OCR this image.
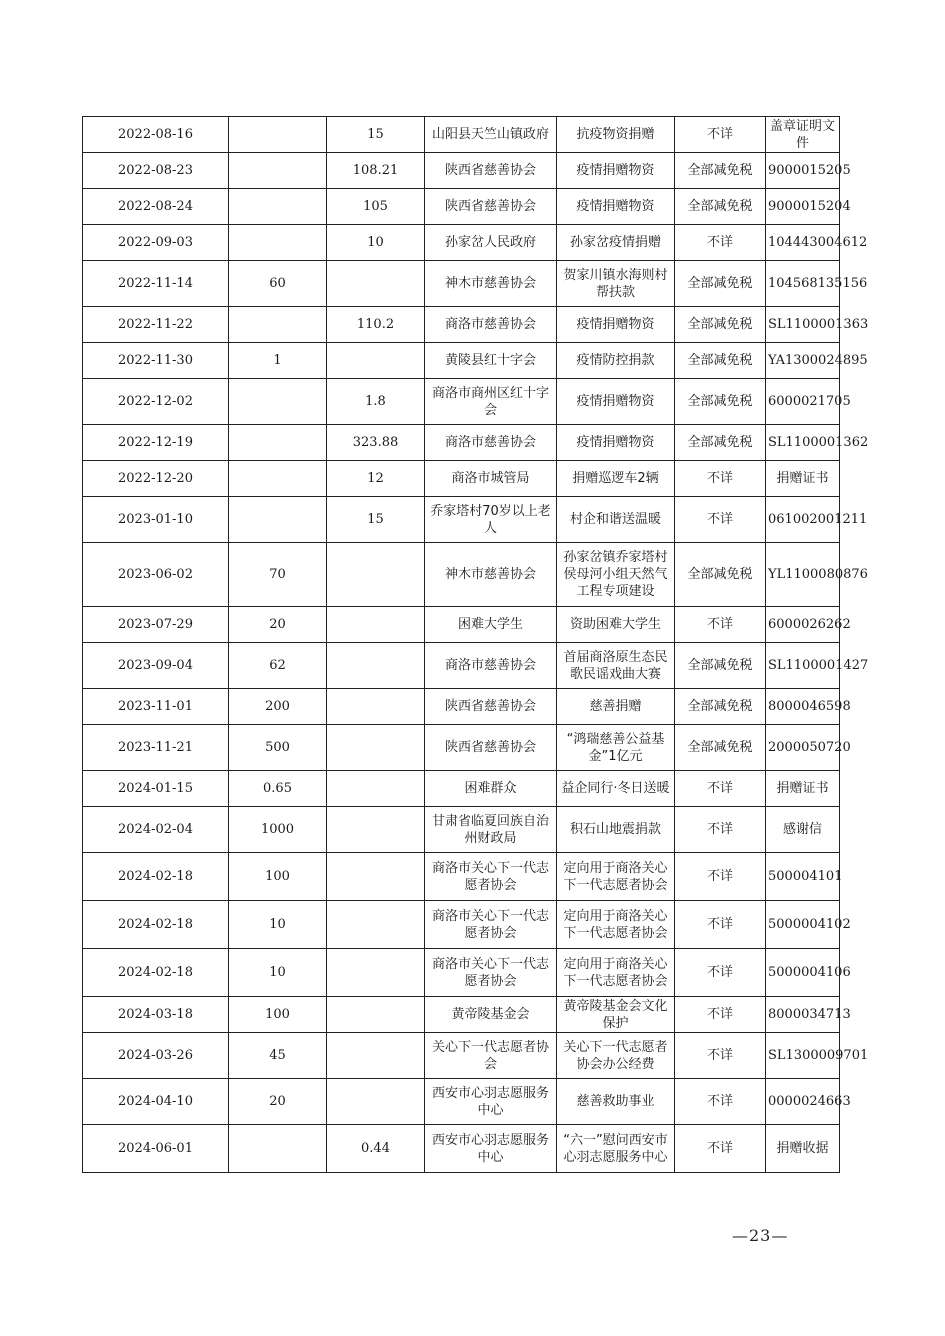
2022-08-16		15	山阳县天竺山镇政府	抗疫物资捐赠	不详	盖章证明文件
2022-08-23		108.21	陕西省慈善协会	疫情捐赠物资	全部减免税	9000015205
2022-08-24		105	陕西省慈善协会	疫情捐赠物资	全部减免税	9000015204
2022-09-03		10	孙家岔人民政府	孙家岔疫情捐赠	不详	104443004612
2022-11-14	60		神木市慈善协会	贺家川镇水海则村帮扶款	全部减免税	104568135156
2022-11-22		110.2	商洛市慈善协会	疫情捐赠物资	全部减免税	SL1100001363
2022-11-30	1		黄陵县红十字会	疫情防控捐款	全部减免税	YA1300024895
2022-12-02		1.8	商洛市商州区红十字会	疫情捐赠物资	全部减免税	6000021705
2022-12-19		323.88	商洛市慈善协会	疫情捐赠物资	全部减免税	SL1100001362
2022-12-20		12	商洛市城管局	捐赠巡逻车2辆	不详	捐赠证书
2023-01-10		15	乔家塔村70岁以上老人	村企和谐送温暖	不详	061002001211
2023-06-02	70		神木市慈善协会	孙家岔镇乔家塔村侯母河小组天然气工程专项建设	全部减免税	YL1100080876
2023-07-29	20		困难大学生	资助困难大学生	不详	6000026262
2023-09-04	62		商洛市慈善协会	首届商洛原生态民歌民谣戏曲大赛	全部减免税	SL1100001427
2023-11-01	200		陕西省慈善协会	慈善捐赠	全部减免税	8000046598
2023-11-21	500		陕西省慈善协会	“鸿瑞慈善公益基金”1亿元	全部减免税	2000050720
2024-01-15	0.65		困难群众	益企同行·冬日送暖	不详	捐赠证书
2024-02-04	1000		甘肃省临夏回族自治州财政局	积石山地震捐款	不详	感谢信
2024-02-18	100		商洛市关心下一代志愿者协会	定向用于商洛关心下一代志愿者协会	不详	500004101
2024-02-18	10		商洛市关心下一代志愿者协会	定向用于商洛关心下一代志愿者协会	不详	5000004102
2024-02-18	10		商洛市关心下一代志愿者协会	定向用于商洛关心下一代志愿者协会	不详	5000004106
2024-03-18	100		黄帝陵基金会	黄帝陵基金会文化保护	不详	8000034713
2024-03-26	45		关心下一代志愿者协会	关心下一代志愿者协会办公经费	不详	SL1300009701
2024-04-10	20		西安市心羽志愿服务中心	慈善救助事业	不详	0000024663
2024-06-01		0.44	西安市心羽志愿服务中心	“六一”慰问西安市心羽志愿服务中心	不详	捐赠收据
—23—
